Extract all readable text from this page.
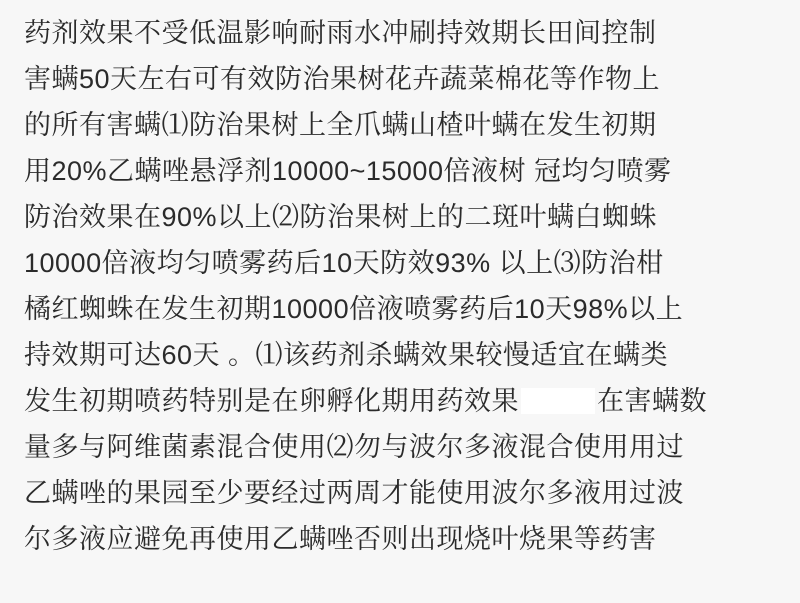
药剂效果不受低温影响耐雨水冲刷持效期长田间控制
害螨50天左右可有效防治果树花卉蔬菜棉花等作物上
的所有害螨⑴防治果树上全爪螨山楂叶螨在发生初期
用20%乙螨唑悬浮剂10000~15000倍液树 冠均匀喷雾
防治效果在90%以上⑵防治果树上的二斑叶螨白蜘蛛
10000倍液均匀喷雾药后10天防效93% 以上⑶防治柑
橘红蜘蛛在发生初期10000倍液喷雾药后10天98%以上
持效期可达60天 。⑴该药剂杀螨效果较慢适宜在螨类
发生初期喷药特别是在卵孵化期用药效果	在害螨数
量多与阿维菌素混合使用⑵勿与波尔多液混合使用用过
乙螨唑的果园至少要经过两周才能使用波尔多液用过波
尔多液应避免再使用乙螨唑否则出现烧叶烧果等药害
